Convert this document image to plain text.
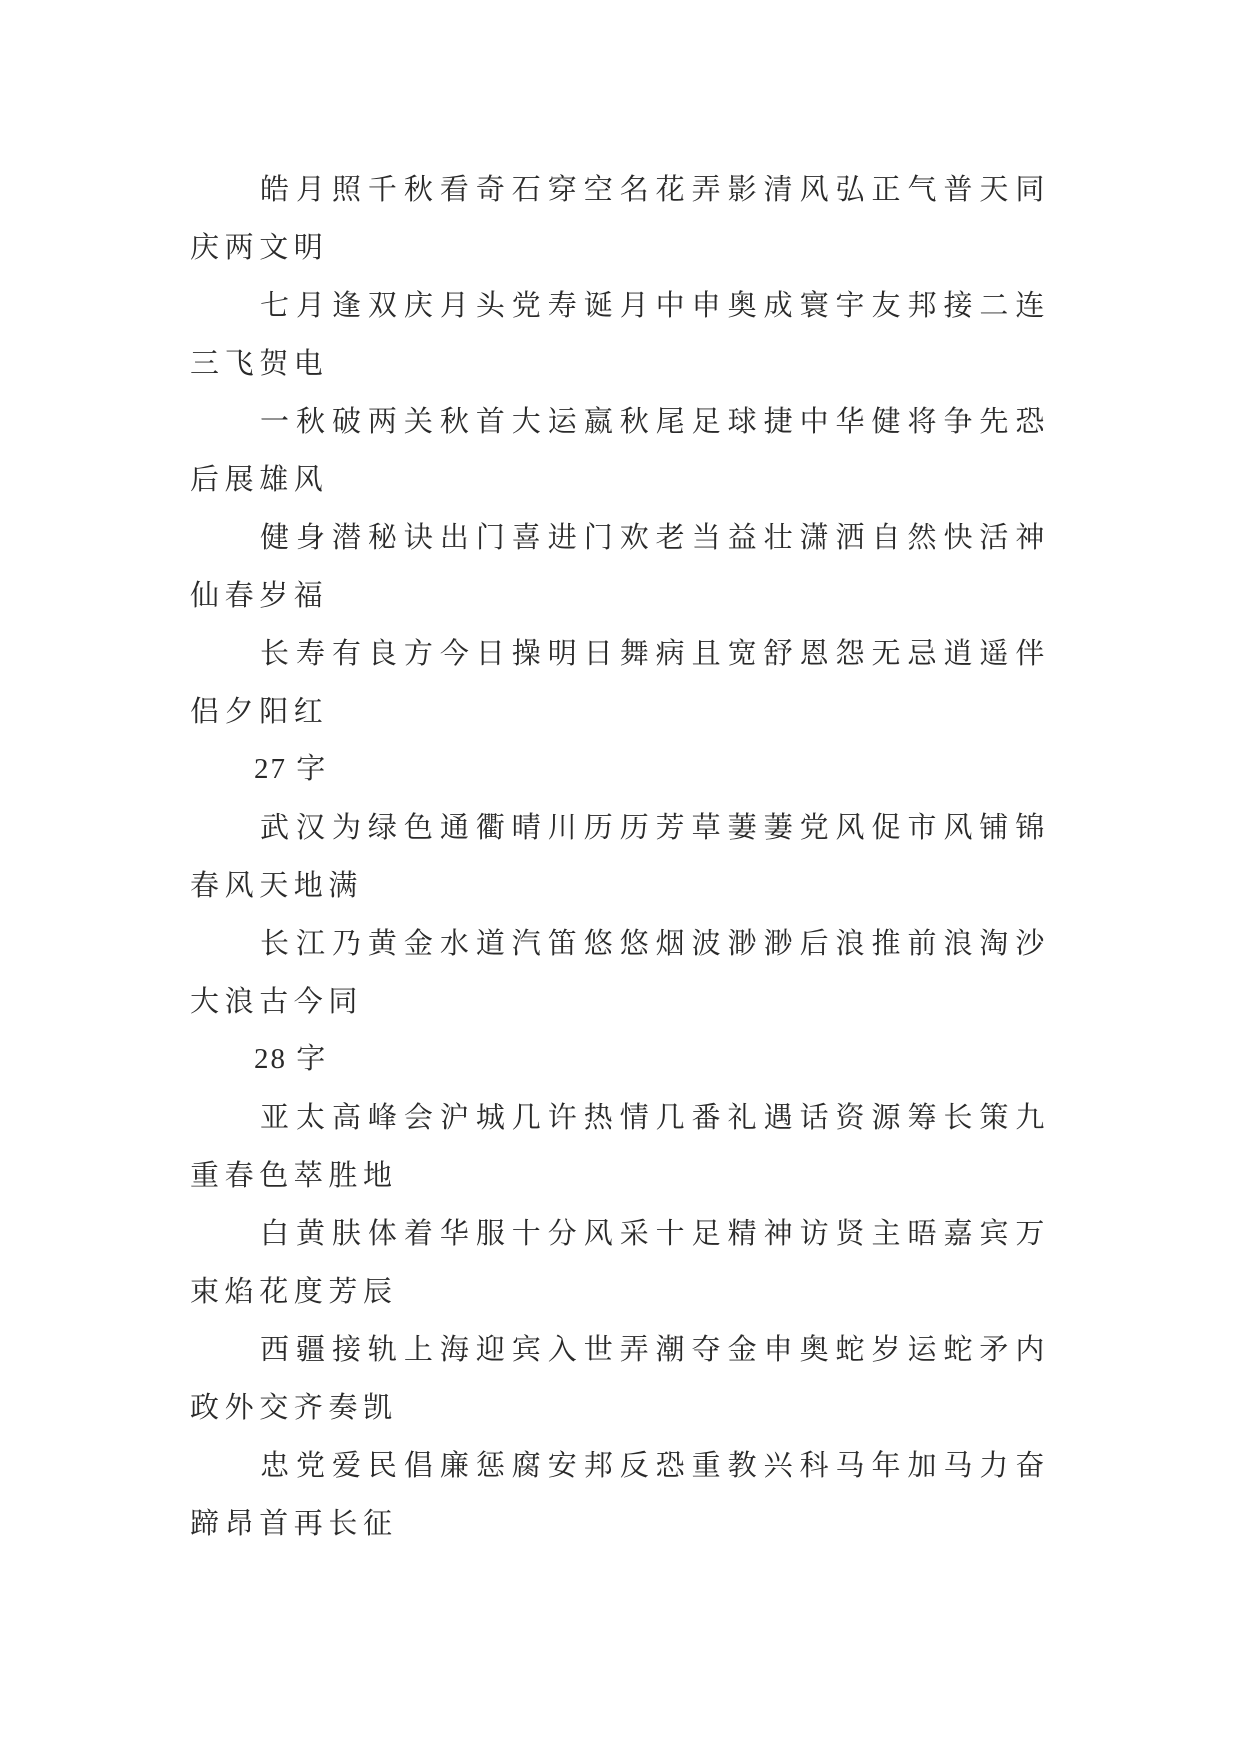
皓月照千秋看奇石穿空名花弄影清风弘正气普天同庆两文明

七月逢双庆月头党寿诞月中申奥成寰宇友邦接二连三飞贺电

一秋破两关秋首大运嬴秋尾足球捷中华健将争先恐后展雄风

健身潜秘诀出门喜进门欢老当益壮潇洒自然快活神仙春岁福

长寿有良方今日操明日舞病且宽舒恩怨无忌逍遥伴侣夕阳红

27 字

武汉为绿色通衢晴川历历芳草萋萋党风促市风铺锦春风天地满

长江乃黄金水道汽笛悠悠烟波渺渺后浪推前浪淘沙大浪古今同

28 字

亚太高峰会沪城几许热情几番礼遇话资源筹长策九重春色萃胜地

白黄肤体着华服十分风采十足精神访贤主晤嘉宾万束焰花度芳辰

西疆接轨上海迎宾入世弄潮夺金申奥蛇岁运蛇矛内政外交齐奏凯

忠党爱民倡廉惩腐安邦反恐重教兴科马年加马力奋蹄昂首再长征
